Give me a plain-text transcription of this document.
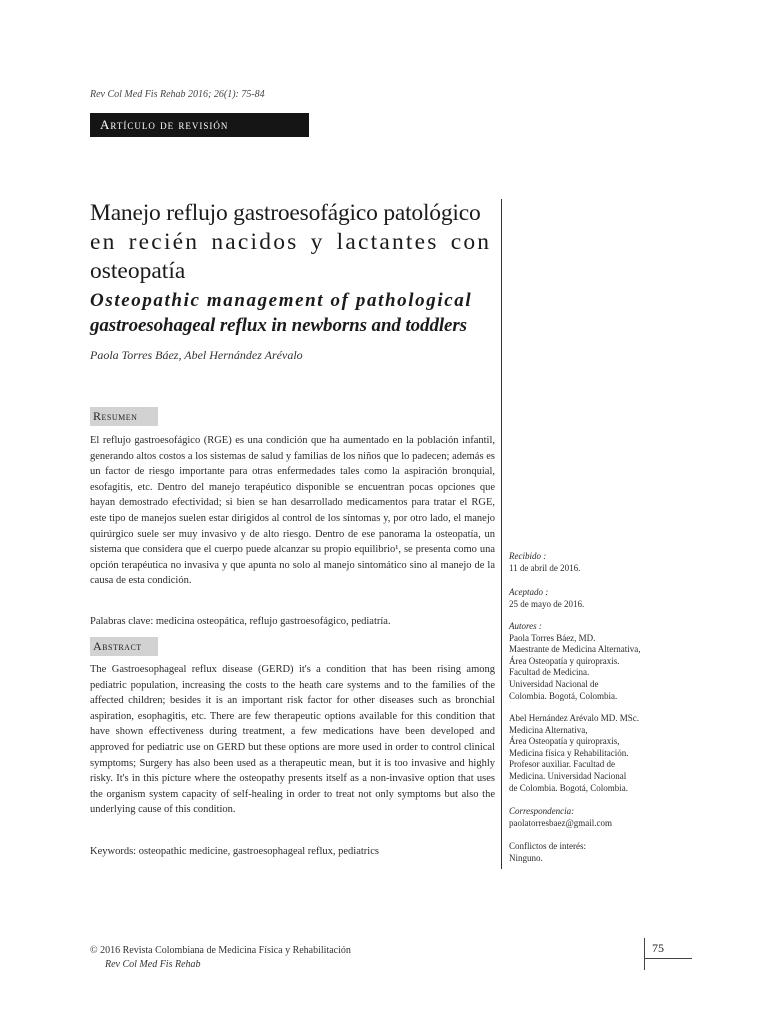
Rev Col Med Fis Rehab 2016; 26(1): 75-84
Artículo de revisión
Manejo reflujo gastroesofágico patológico
en recién nacidos y lactantes con
osteopatía
Osteopathic management of pathological
gastroesohageal reflux in newborns and toddlers
Paola Torres Báez, Abel Hernández Arévalo
Resumen
El reflujo gastroesofágico (RGE) es una condición que ha aumentado en la población infantil, generando altos costos a los sistemas de salud y familias de los niños que lo padecen; además es un factor de riesgo importante para otras enfermedades tales como la aspiración bronquial, esofagitis, etc. Dentro del manejo terapéutico disponible se encuentran pocas opciones que hayan demostrado efectividad; si bien se han desarrollado medicamentos para tratar el RGE, este tipo de manejos suelen estar dirigidos al control de los síntomas y, por otro lado, el manejo quirúrgico suele ser muy invasivo y de alto riesgo. Dentro de ese panorama la osteopatía, un sistema que considera que el cuerpo puede alcanzar su propio equilibrio¹, se presenta como una opción terapéutica no invasiva y que apunta no solo al manejo sintomático sino al manejo de la causa de esta condición.
Palabras clave: medicina osteopática, reflujo gastroesofágico, pediatría.
Abstract
The Gastroesophageal reflux disease (GERD) it's a condition that has been rising among pediatric population, increasing the costs to the heath care systems and to the families of the affected children; besides it is an important risk factor for other diseases such as bronchial aspiration, esophagitis, etc. There are few therapeutic options available for this condition that have shown effectiveness during treatment, a few medications have been developed and approved for pediatric use on GERD but these options are more used in order to control clinical symptoms; Surgery has also been used as a therapeutic mean, but it is too invasive and highly risky. It's in this picture where the osteopathy presents itself as a non-invasive option that uses the organism system capacity of self-healing in order to treat not only symptoms but also the underlying cause of this condition.
Keywords: osteopathic medicine, gastroesophageal reflux, pediatrics
Recibido :
11 de abril de 2016.
Aceptado :
25 de mayo de 2016.
Autores :
Paola Torres Báez, MD.
Maestrante de Medicina Alternativa,
Área Osteopatía y quiropraxis.
Facultad de Medicina.
Universidad Nacional de
Colombia. Bogotá, Colombia.
Abel Hernández Arévalo MD. MSc.
Medicina Alternativa,
Área Osteopatía y quiropraxis,
Medicina física y Rehabilitación.
Profesor auxiliar. Facultad de
Medicina. Universidad Nacional
de Colombia. Bogotá, Colombia.
Correspondencia:
paolatorresbaez@gmail.com
Conflictos de interés:
Ninguno.
© 2016 Revista Colombiana de Medicina Física y Rehabilitación
Rev Col Med Fis Rehab
75
